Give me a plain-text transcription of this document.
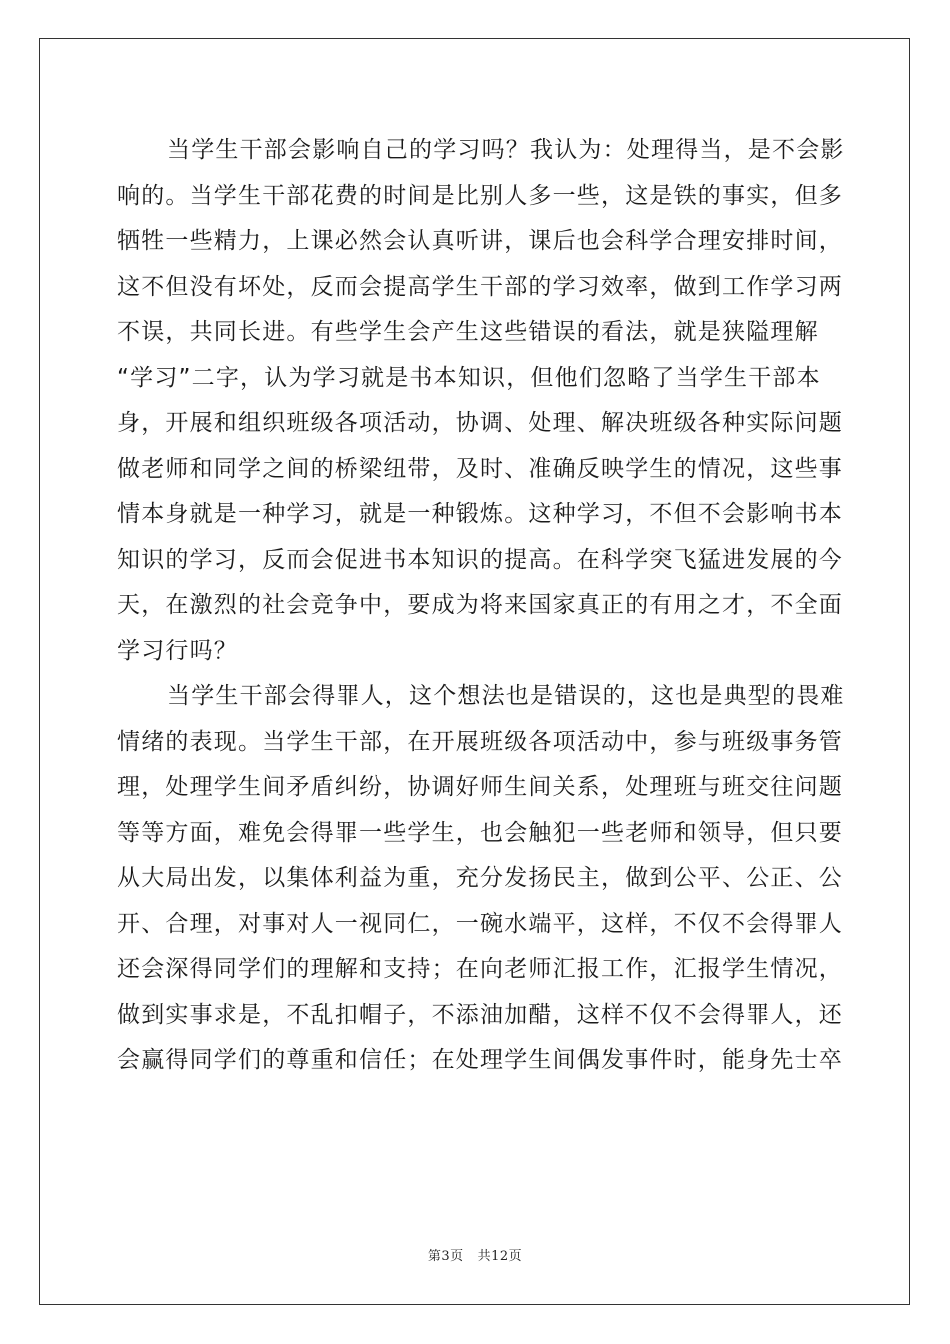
当学生干部会影响自己的学习吗？我认为：处理得当，是不会影
响的。当学生干部花费的时间是比别人多一些，这是铁的事实，但多
牺牲一些精力，上课必然会认真听讲，课后也会科学合理安排时间，
这不但没有坏处，反而会提高学生干部的学习效率，做到工作学习两
不误，共同长进。有些学生会产生这些错误的看法，就是狭隘理解
“学习”二字，认为学习就是书本知识，但他们忽略了当学生干部本
身，开展和组织班级各项活动，协调、处理、解决班级各种实际问题
做老师和同学之间的桥梁纽带，及时、准确反映学生的情况，这些事
情本身就是一种学习，就是一种锻炼。这种学习，不但不会影响书本
知识的学习，反而会促进书本知识的提高。在科学突飞猛进发展的今
天，在激烈的社会竞争中，要成为将来国家真正的有用之才，不全面
学习行吗？
当学生干部会得罪人，这个想法也是错误的，这也是典型的畏难
情绪的表现。当学生干部，在开展班级各项活动中，参与班级事务管
理，处理学生间矛盾纠纷，协调好师生间关系，处理班与班交往问题
等等方面，难免会得罪一些学生，也会触犯一些老师和领导，但只要
从大局出发，以集体利益为重，充分发扬民主，做到公平、公正、公
开、合理，对事对人一视同仁，一碗水端平，这样，不仅不会得罪人
还会深得同学们的理解和支持；在向老师汇报工作，汇报学生情况，
做到实事求是，不乱扣帽子，不添油加醋，这样不仅不会得罪人，还
会赢得同学们的尊重和信任；在处理学生间偶发事件时，能身先士卒
第3页 共12页
